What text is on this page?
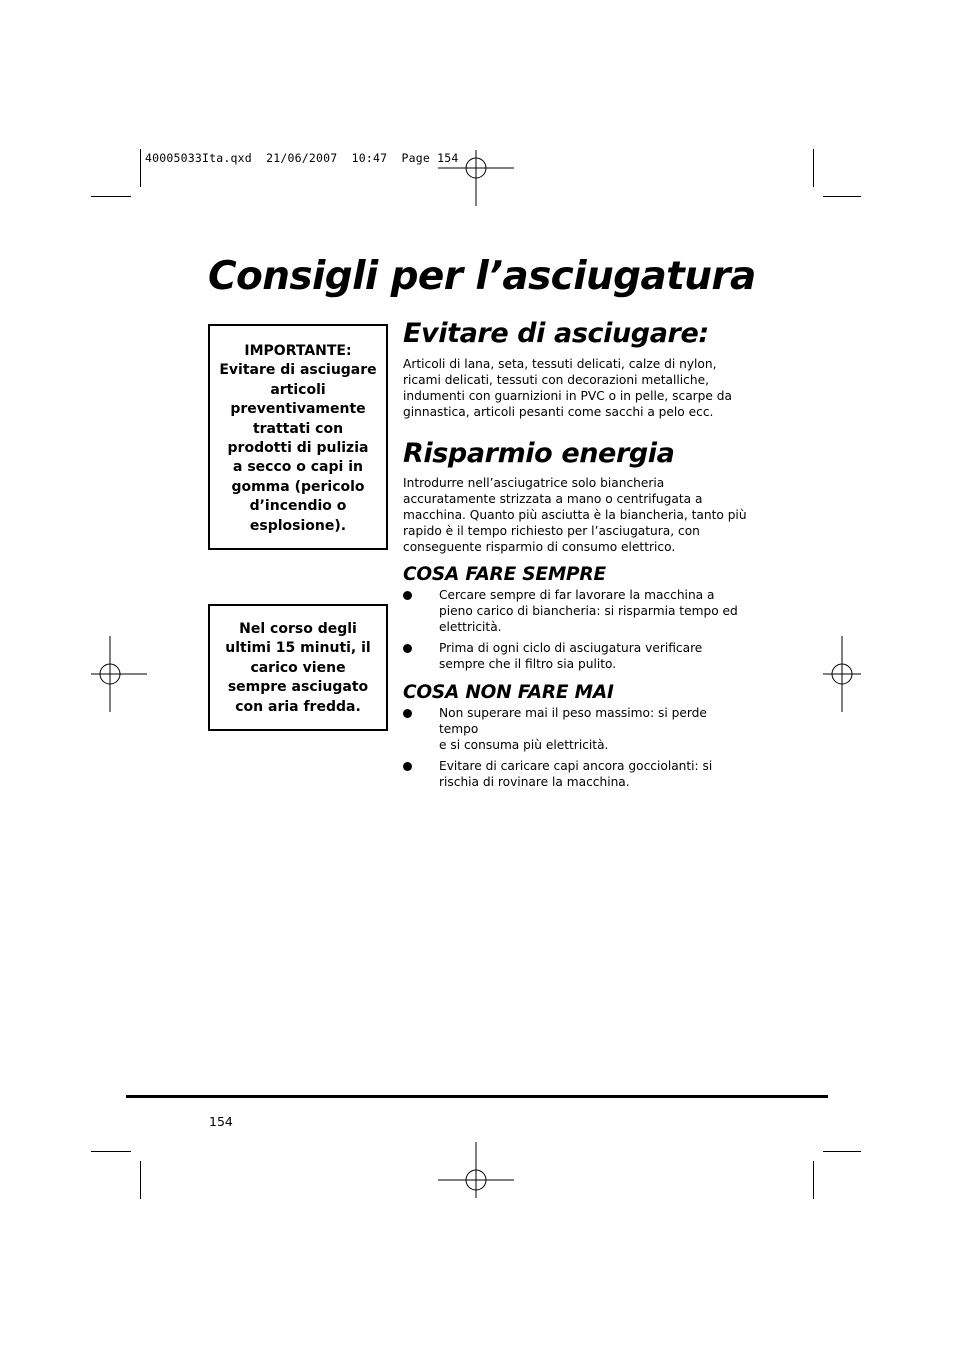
40005033Ita.qxd  21/06/2007  10:47  Page 154
Consigli per l’asciugatura

IMPORTANTE:

Evitare di asciugare

articoli

preventivamente

trattati con

prodotti di pulizia

a secco o capi in

gomma (pericolo

d’incendio o

esplosione).

Nel corso degli

ultimi 15 minuti, il

carico viene

sempre asciugato

con aria fredda.

Evitare di asciugare:

Articoli di lana, seta, tessuti delicati, calze di nylon,

ricami delicati, tessuti con decorazioni metalliche,

indumenti con guarnizioni in PVC o in pelle, scarpe da

ginnastica, articoli pesanti come sacchi a pelo ecc.

Risparmio energia

Introdurre nell’asciugatrice solo biancheria

accuratamente strizzata a mano o centrifugata a

macchina. Quanto più asciutta è la biancheria, tanto più

rapido è il tempo richiesto per l’asciugatura, con

conseguente risparmio di consumo elettrico.

COSA FARE SEMPRE
Cercare sempre di far lavorare la macchina a
pieno carico di biancheria: si risparmia tempo ed
elettricità.
Prima di ogni ciclo di asciugatura verificare
sempre che il filtro sia pulito.
COSA NON FARE MAI
Non superare mai il peso massimo: si perde tempo
e si consuma più elettricità.
Evitare di caricare capi ancora gocciolanti: si
rischia di rovinare la macchina.
154
